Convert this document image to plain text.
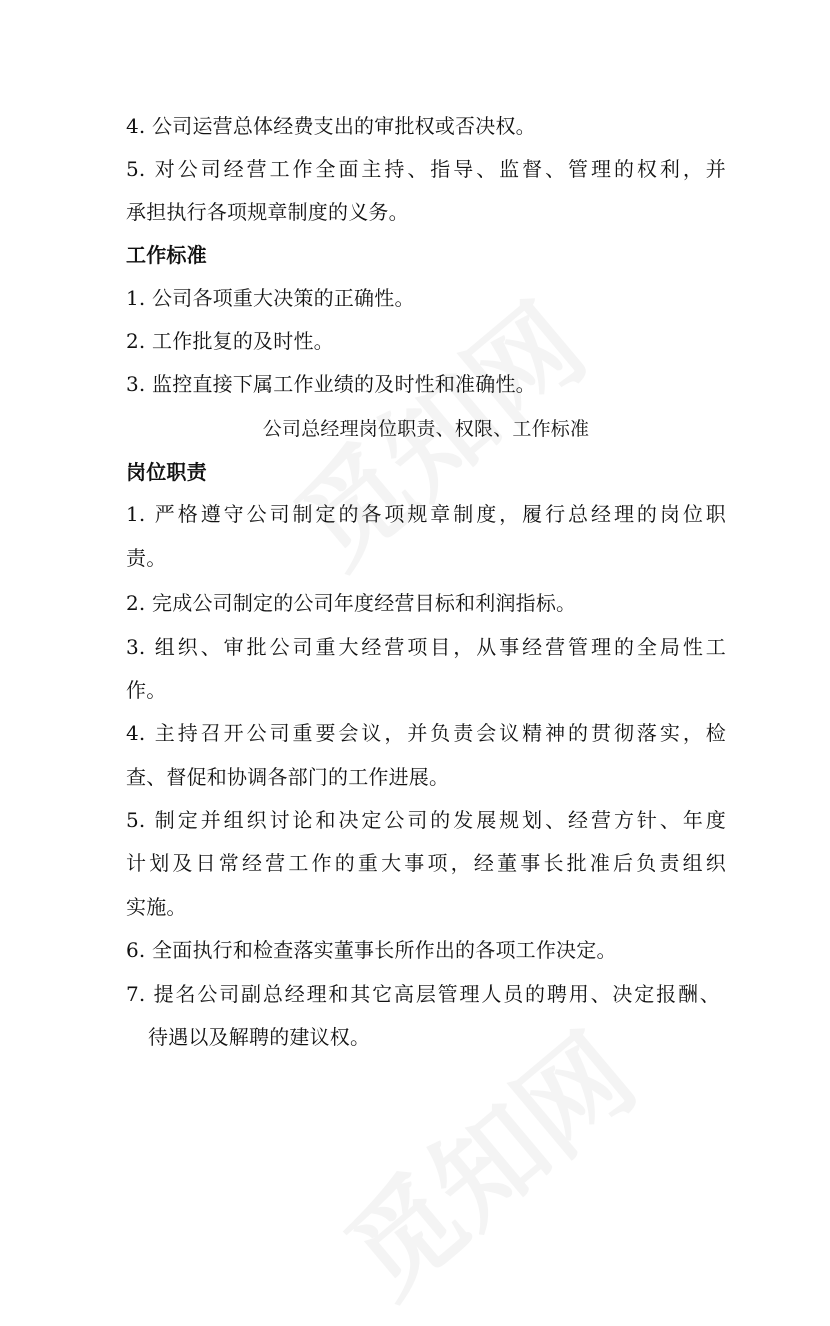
4. 公司运营总体经费支出的审批权或否决权。
5. 对公司经营工作全面主持、指导、监督、管理的权利，并
承担执行各项规章制度的义务。
工作标准
1. 公司各项重大决策的正确性。
2. 工作批复的及时性。
3. 监控直接下属工作业绩的及时性和准确性。
公司总经理岗位职责、权限、工作标准
岗位职责
1. 严格遵守公司制定的各项规章制度，履行总经理的岗位职
责。
2. 完成公司制定的公司年度经营目标和利润指标。
3. 组织、审批公司重大经营项目，从事经营管理的全局性工
作。
4. 主持召开公司重要会议，并负责会议精神的贯彻落实，检
查、督促和协调各部门的工作进展。
5. 制定并组织讨论和决定公司的发展规划、经营方针、年度
计划及日常经营工作的重大事项，经董事长批准后负责组织
实施。
6. 全面执行和检查落实董事长所作出的各项工作决定。
7. 提名公司副总经理和其它高层管理人员的聘用、决定报酬、
待遇以及解聘的建议权。
